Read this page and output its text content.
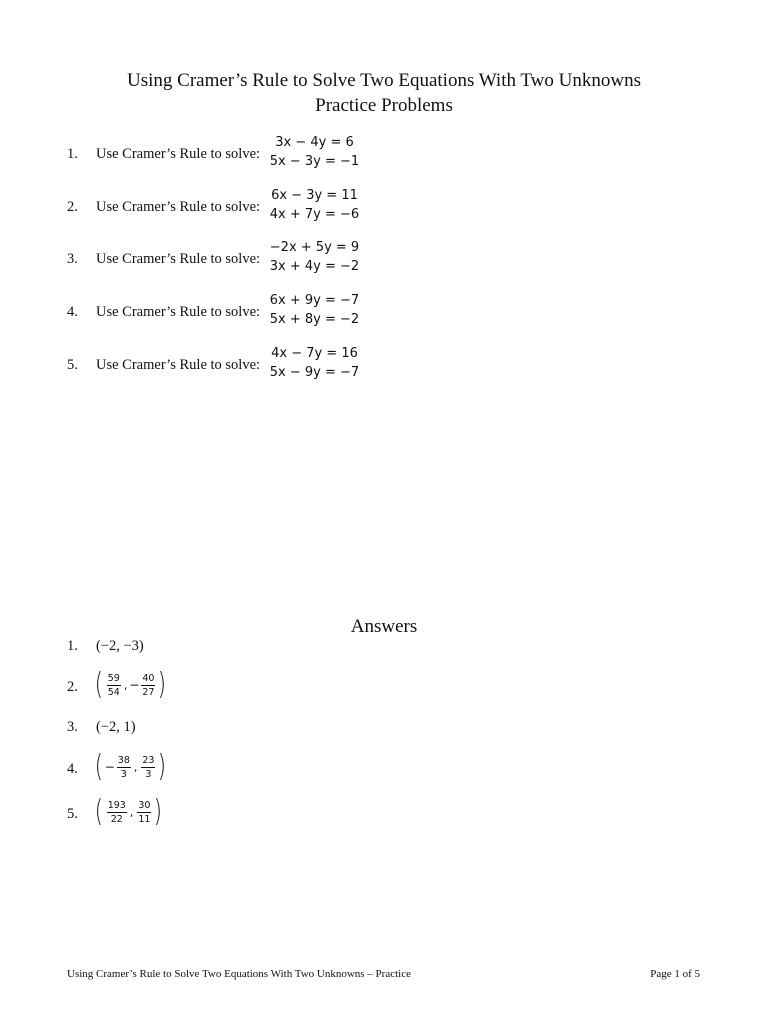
Using Cramer’s Rule to Solve Two Equations With Two Unknowns
Practice Problems
1. Use Cramer’s Rule to solve:
3x − 4y = 6
5x − 3y = −1
2. Use Cramer’s Rule to solve:
6x − 3y = 11
4x + 7y = −6
3. Use Cramer’s Rule to solve:
−2x + 5y = 9
3x + 4y = −2
4. Use Cramer’s Rule to solve:
6x + 9y = −7
5x + 8y = −2
5. Use Cramer’s Rule to solve:
4x − 7y = 16
5x − 9y = −7
Answers
1. (−2, −3)
2. ( $\frac{59}{54}$ , − $\frac{40}{27}$ )
3. (−2, 1)
4. ( − $\frac{38}{3}$ , $\frac{23}{3}$ )
5. ( $\frac{193}{22}$ , $\frac{30}{11}$ )
Using Cramer’s Rule to Solve Two Equations With Two Unknowns – Practice	Page 1 of 5
